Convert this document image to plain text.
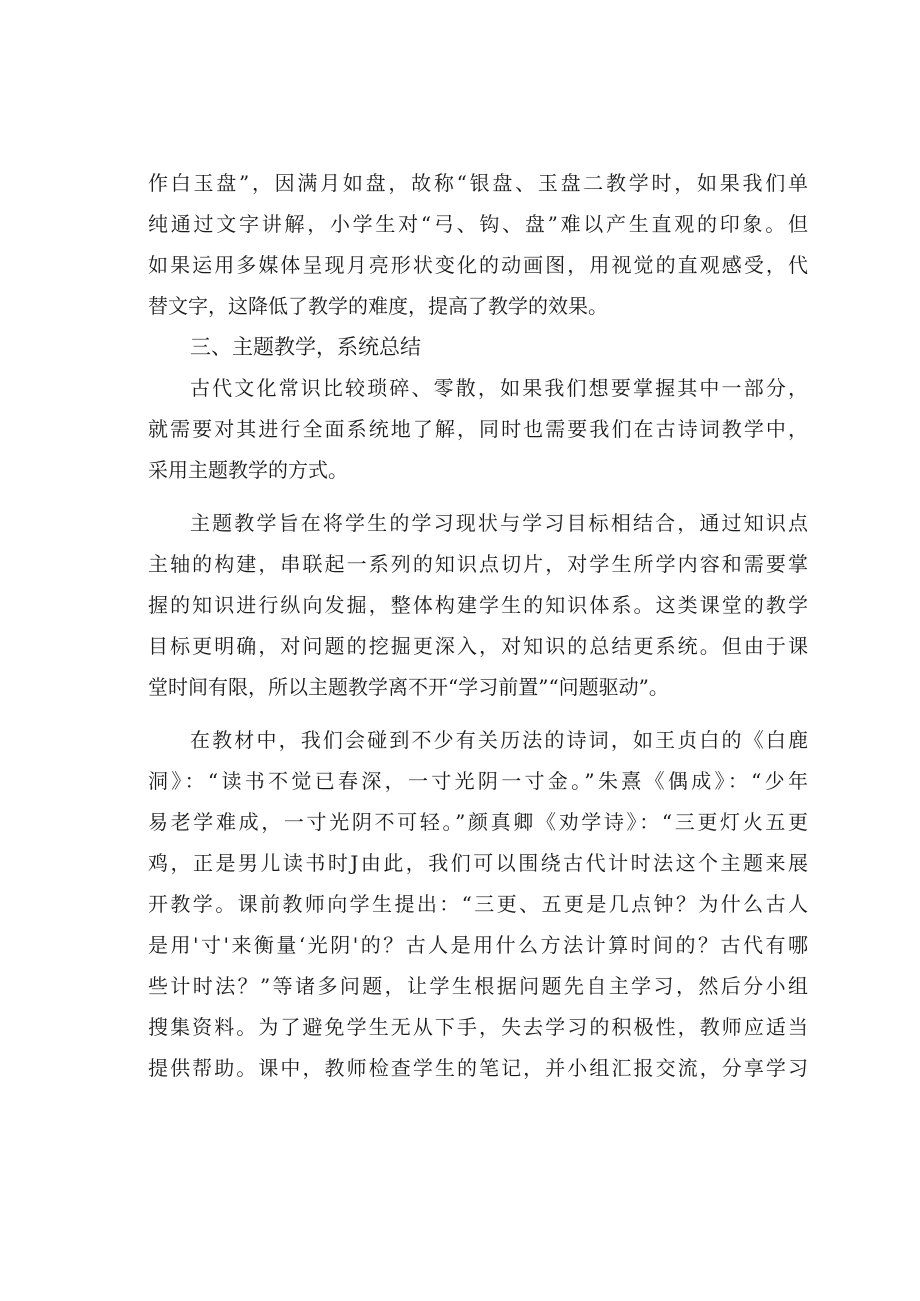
作白玉盘”，因满月如盘，故称“银盘、玉盘二教学时，如果我们单
纯通过文字讲解，小学生对“弓、钩、盘”难以产生直观的印象。但
如果运用多媒体呈现月亮形状变化的动画图，用视觉的直观感受，代
替文字，这降低了教学的难度，提高了教学的效果。
三、主题教学，系统总结
古代文化常识比较琐碎、零散，如果我们想要掌握其中一部分，
就需要对其进行全面系统地了解，同时也需要我们在古诗词教学中，
采用主题教学的方式。
主题教学旨在将学生的学习现状与学习目标相结合，通过知识点
主轴的构建，串联起一系列的知识点切片，对学生所学内容和需要掌
握的知识进行纵向发掘，整体构建学生的知识体系。这类课堂的教学
目标更明确，对问题的挖掘更深入，对知识的总结更系统。但由于课
堂时间有限，所以主题教学离不开“学习前置”“问题驱动”。
在教材中，我们会碰到不少有关历法的诗词，如王贞白的《白鹿
洞》：“读书不觉已春深，一寸光阴一寸金。”朱熹《偶成》：“少年
易老学难成，一寸光阴不可轻。”颜真卿《劝学诗》：“三更灯火五更
鸡，正是男儿读书时J由此，我们可以围绕古代计时法这个主题来展
开教学。课前教师向学生提出：“三更、五更是几点钟？为什么古人
是用'寸'来衡量‘光阴'的？古人是用什么方法计算时间的？古代有哪
些计时法？”等诸多问题，让学生根据问题先自主学习，然后分小组
搜集资料。为了避免学生无从下手，失去学习的积极性，教师应适当
提供帮助。课中，教师检查学生的笔记，并小组汇报交流，分享学习
